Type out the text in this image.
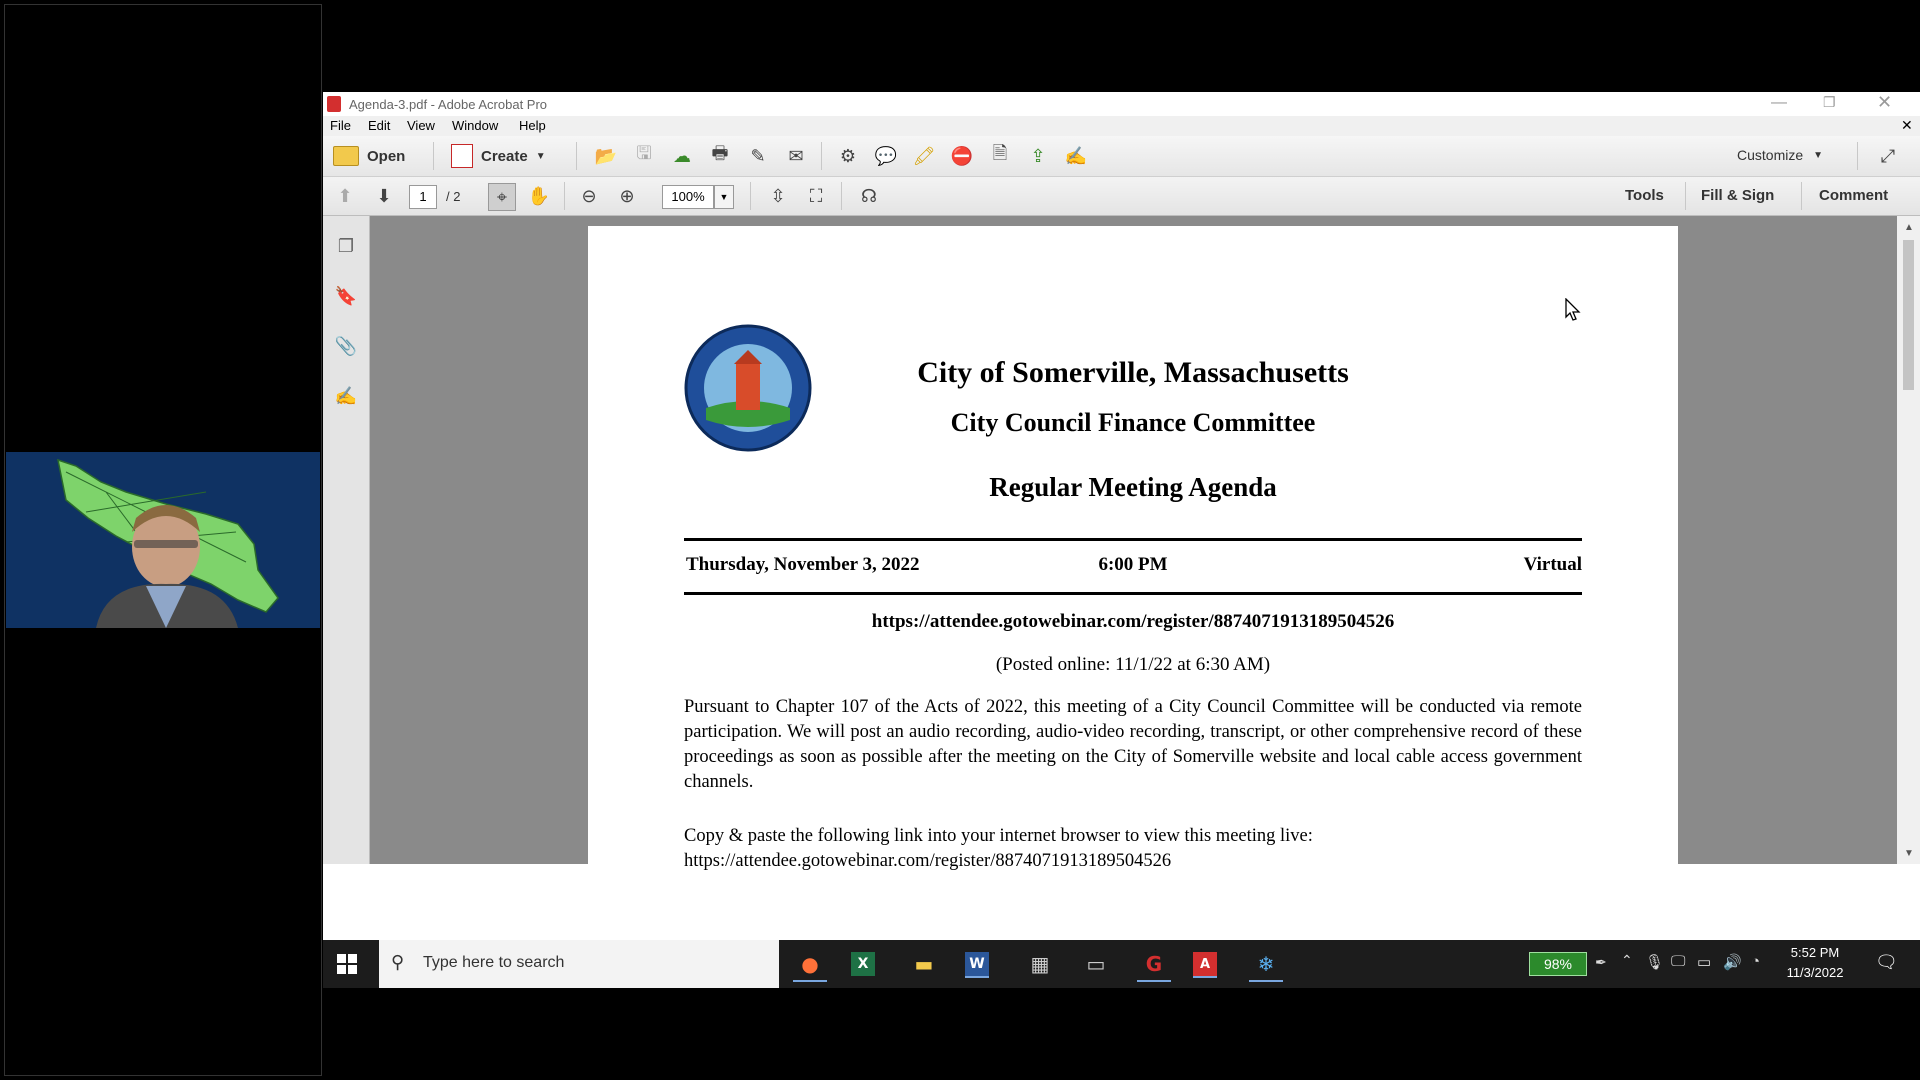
Agenda-3.pdf - Adobe Acrobat Pro	—	❐ ✕
File Edit View Window Help	✕
Open	Create ▼	📂 🖫 ☁ 🖶	✎	✉	⚙ 💬 🖍 ⛔	🗎	⇪	✍	Customize ▼	⤢
⬆	⬇	1	/ 2	⌖	✋	⊖	⊕	100%	▼	⇳	⛶	☊	Tools Fill & Sign	Comment
❐
🔖
📎
✍
City of Somerville, Massachusetts
City Council Finance Committee
Regular Meeting Agenda
Thursday, November 3, 2022	6:00 PM	Virtual
https://attendee.gotowebinar.com/register/8874071913189504526
(Posted online: 11/1/22 at 6:30 AM)
Pursuant to Chapter 107 of the Acts of 2022, this meeting of a City Council Committee will be conducted via remote participation. We will post an audio recording, audio-video recording, transcript, or other comprehensive record of these proceedings as soon as possible after the meeting on the City of Somerville website and local cable access government channels.
Copy & paste the following link into your internet browser to view this meeting live:
https://attendee.gotowebinar.com/register/8874071913189504526
▲
▼
⚲ Type here to search	●	X	▬	W	▦	▭	G	A	❄	98%	✒ ⌃ 🎙 🖵 ▭ 🔊 ◔
5:52 PM
11/3/2022
🗨
